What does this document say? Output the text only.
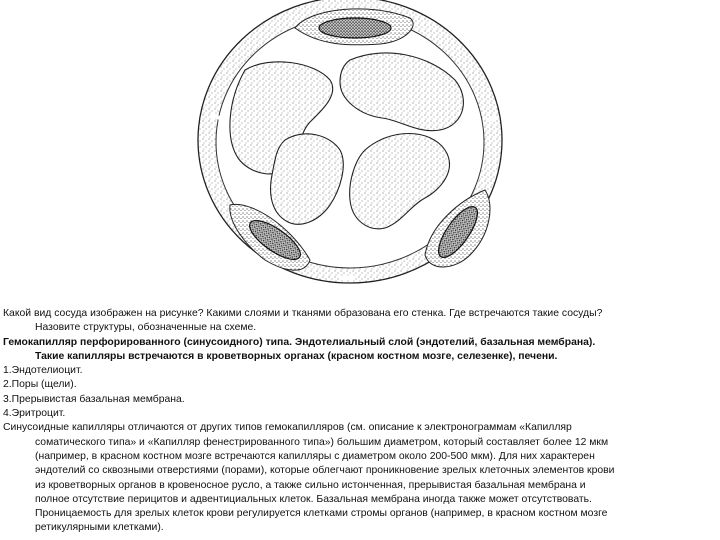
Какой вид сосуда изображен на рисунке? Какими слоями и тканями образована его стенка. Где встречаются такие сосуды?

Назовите структуры, обозначенные на схеме.

Гемокапилляр перфорированного (синусоидного) типа. Эндотелиальный слой (эндотелий, базальная мембрана).

Такие капилляры встречаются в кроветворных органах (красном костном мозге, селезенке), печени.

1.Эндотелиоцит.

2.Поры (щели).

3.Прерывистая базальная мембрана.

4.Эритроцит.

Синусоидные капилляры отличаются от других типов гемокапилляров (см. описание к электронограммам «Капилляр

соматического типа» и «Капилляр фенестрированного типа») большим диаметром, который составляет более 12 мкм

(например, в красном костном мозге встречаются капилляры с диаметром около 200-500 мкм). Для них характерен

эндотелий со сквозными отверстиями (порами), которые облегчают проникновение зрелых клеточных элементов крови

из кроветворных органов в кровеносное русло, а также сильно истонченная, прерывистая базальная мембрана и

полное отсутствие перицитов и адвентициальных клеток. Базальная мембрана иногда также может отсутствовать.

Проницаемость для зрелых клеток крови регулируется клетками стромы органов (например, в красном костном мозге

ретикулярными клетками).
